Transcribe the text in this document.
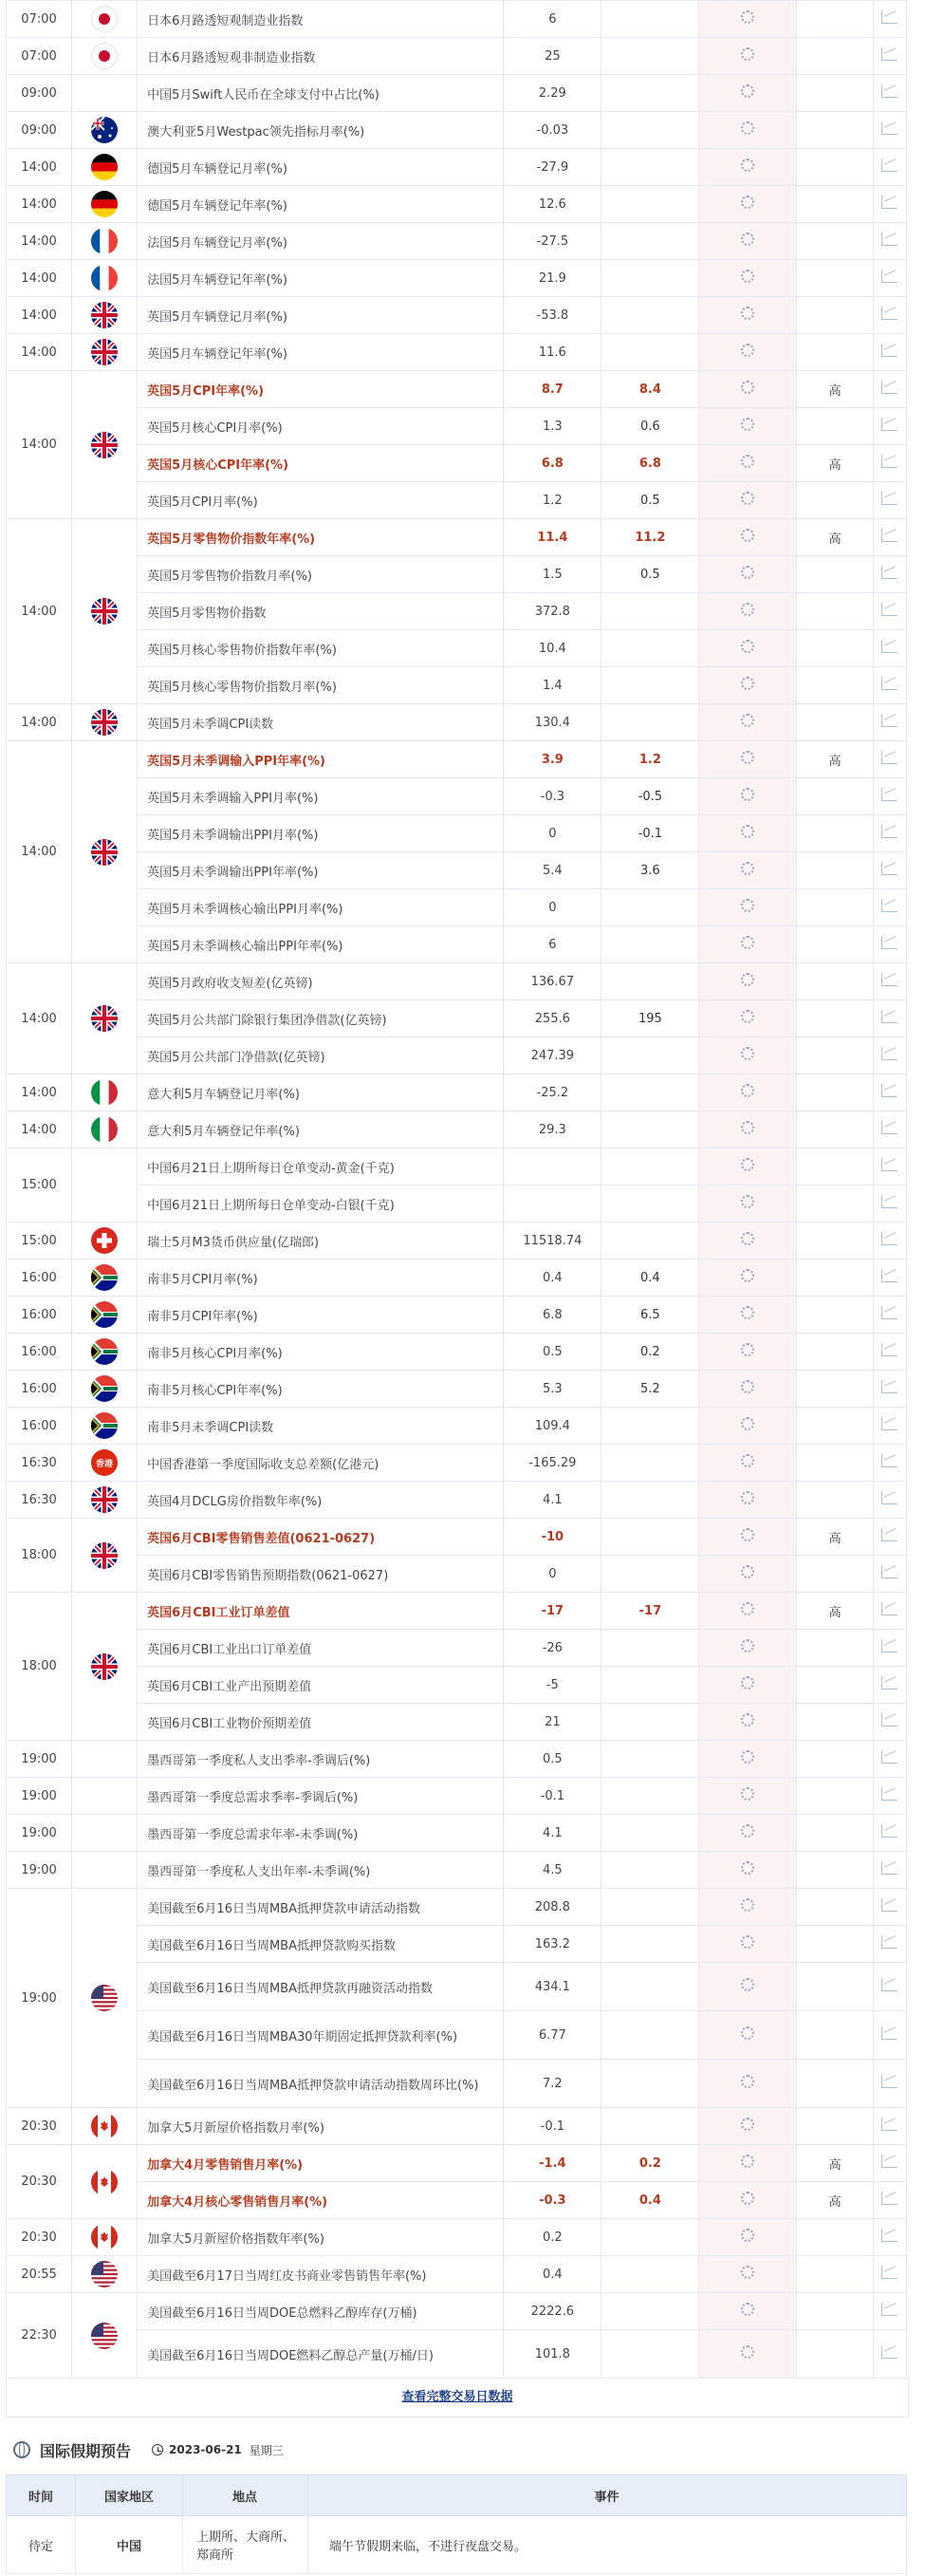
07:00		日本6月路透短观制造业指数	6				
07:00		日本6月路透短观非制造业指数	25				
09:00		中国5月Swift人民币在全球支付中占比(%)	2.29				
09:00		澳大利亚5月Westpac领先指标月率(%)	-0.03				
14:00		德国5月车辆登记月率(%)	-27.9				
14:00		德国5月车辆登记年率(%)	12.6				
14:00		法国5月车辆登记月率(%)	-27.5				
14:00		法国5月车辆登记年率(%)	21.9				
14:00		英国5月车辆登记月率(%)	-53.8				
14:00		英国5月车辆登记年率(%)	11.6				
14:00		英国5月CPI年率(%)	8.7	8.4		高	
		英国5月核心CPI月率(%)	1.3	0.6			
		英国5月核心CPI年率(%)	6.8	6.8		高	
		英国5月CPI月率(%)	1.2	0.5			
14:00		英国5月零售物价指数年率(%)	11.4	11.2		高	
		英国5月零售物价指数月率(%)	1.5	0.5			
		英国5月零售物价指数	372.8				
		英国5月核心零售物价指数年率(%)	10.4				
		英国5月核心零售物价指数月率(%)	1.4				
14:00		英国5月未季调CPI读数	130.4				
14:00		英国5月未季调输入PPI年率(%)	3.9	1.2		高	
		英国5月未季调输入PPI月率(%)	-0.3	-0.5			
		英国5月未季调输出PPI月率(%)	0	-0.1			
		英国5月未季调输出PPI年率(%)	5.4	3.6			
		英国5月未季调核心输出PPI月率(%)	0				
		英国5月未季调核心输出PPI年率(%)	6				
14:00		英国5月政府收支短差(亿英镑)	136.67				
		英国5月公共部门除银行集团净借款(亿英镑)	255.6	195			
		英国5月公共部门净借款(亿英镑)	247.39				
14:00		意大利5月车辆登记月率(%)	-25.2				
14:00		意大利5月车辆登记年率(%)	29.3				
15:00		中国6月21日上期所每日仓单变动-黄金(千克)					
		中国6月21日上期所每日仓单变动-白银(千克)					
15:00		瑞士5月M3货币供应量(亿瑞郎)	11518.74				
16:00		南非5月CPI月率(%)	0.4	0.4			
16:00		南非5月CPI年率(%)	6.8	6.5			
16:00		南非5月核心CPI月率(%)	0.5	0.2			
16:00		南非5月核心CPI年率(%)	5.3	5.2			
16:00		南非5月未季调CPI读数	109.4				
16:30	香港	中国香港第一季度国际收支总差额(亿港元)	-165.29				
16:30		英国4月DCLG房价指数年率(%)	4.1				
18:00		英国6月CBI零售销售差值(0621-0627)	-10			高	
		英国6月CBI零售销售预期指数(0621-0627)	0				
18:00		英国6月CBI工业订单差值	-17	-17		高	
		英国6月CBI工业出口订单差值	-26				
		英国6月CBI工业产出预期差值	-5				
		英国6月CBI工业物价预期差值	21				
19:00		墨西哥第一季度私人支出季率-季调后(%)	0.5				
19:00		墨西哥第一季度总需求季率-季调后(%)	-0.1				
19:00		墨西哥第一季度总需求年率-未季调(%)	4.1				
19:00		墨西哥第一季度私人支出年率-未季调(%)	4.5				
19:00		美国截至6月16日当周MBA抵押贷款申请活动指数	208.8				
		美国截至6月16日当周MBA抵押贷款购买指数	163.2				
		美国截至6月16日当周MBA抵押贷款再融资活动指数	434.1				
		美国截至6月16日当周MBA30年期固定抵押贷款利率(%)	6.77				
		美国截至6月16日当周MBA抵押贷款申请活动指数周环比(%)	7.2				
20:30		加拿大5月新屋价格指数月率(%)	-0.1				
20:30		加拿大4月零售销售月率(%)	-1.4	0.2		高	
		加拿大4月核心零售销售月率(%)	-0.3	0.4		高	
20:30		加拿大5月新屋价格指数年率(%)	0.2				
20:55		美国截至6月17日当周红皮书商业零售销售年率(%)	0.4				
22:30		美国截至6月16日当周DOE总燃料乙醇库存(万桶)	2222.6				
		美国截至6月16日当周DOE燃料乙醇总产量(万桶/日)	101.8				
查看完整交易日数据
国际假期预告	2023-06-21 星期三
时间	国家地区	地点	事件
待定	中国	上期所、大商所、郑商所	端午节假期来临，不进行夜盘交易。
